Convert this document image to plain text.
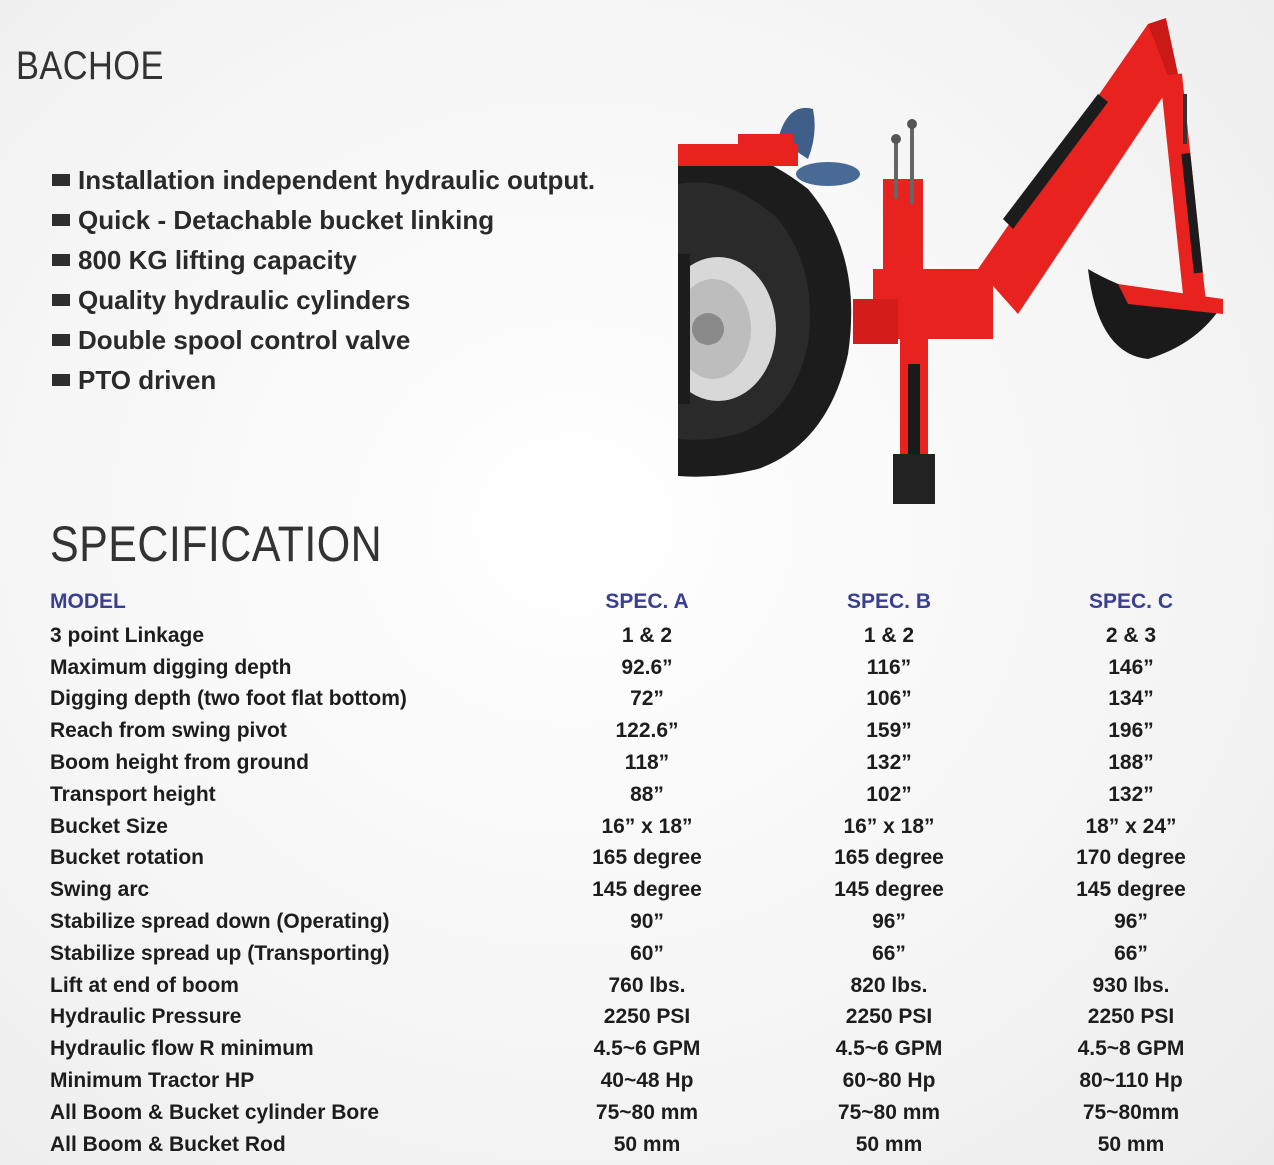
BACHOE
Installation independent hydraulic output.
Quick - Detachable bucket linking
800 KG lifting capacity
Quality hydraulic cylinders
Double spool control valve
PTO driven
SPECIFICATION
MODEL	SPEC. A	SPEC. B	SPEC. C
3 point Linkage	1 & 2	1 & 2	2 & 3
Maximum digging depth	92.6”	116”	146”
Digging depth (two foot flat bottom)	72”	106”	134”
Reach from swing pivot	122.6”	159”	196”
Boom height from ground	118”	132”	188”
Transport height	88”	102”	132”
Bucket Size	16” x 18”	16” x 18”	18” x 24”
Bucket rotation	165 degree	165 degree	170 degree
Swing arc	145 degree	145 degree	145 degree
Stabilize spread down (Operating)	90”	96”	96”
Stabilize spread up (Transporting)	60”	66”	66”
Lift at end of boom	760 lbs.	820 lbs.	930 lbs.
Hydraulic Pressure	2250 PSI	2250 PSI	2250 PSI
Hydraulic flow R minimum	4.5~6 GPM	4.5~6 GPM	4.5~8 GPM
Minimum Tractor HP	40~48 Hp	60~80 Hp	80~110 Hp
All Boom & Bucket cylinder Bore	75~80 mm	75~80 mm	75~80mm
All Boom & Bucket Rod	50 mm	50 mm	50 mm
